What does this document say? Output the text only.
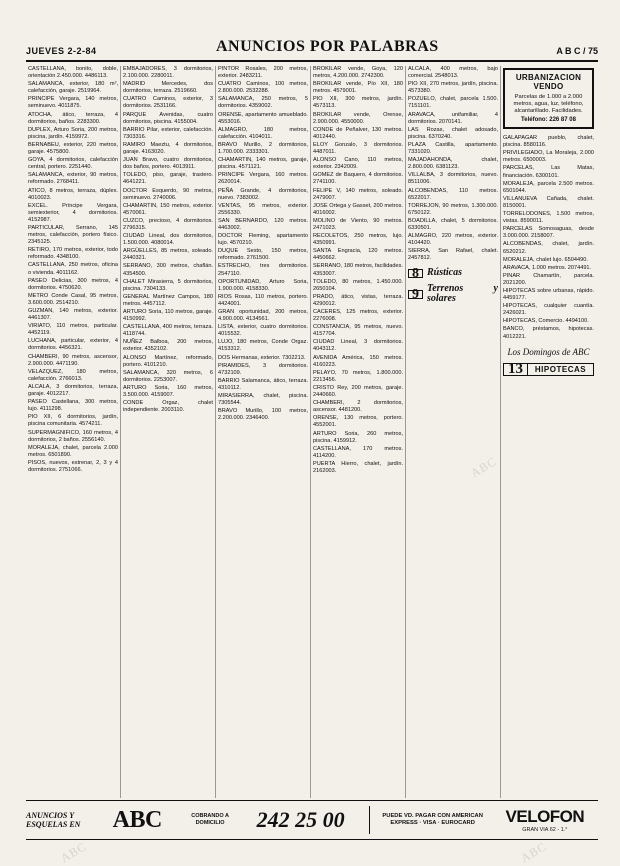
JUEVES 2-2-84	ANUNCIOS POR PALABRAS	A B C / 75
CASTELLANA, bonito, doble, orientación 2.450.000. 4486113.
SALAMANCA, exterior, 180 m², calefacción, garaje. 2519964.
PRINCIPE Vergara, 140 metros, seminuevo. 4011875.
ATOCHA, ático, terraza, 4 dormitorios, baños. 2283300.
DUPLEX, Arturo Soria, 200 metros, piscina, jardín. 4159972.
BERNABEU, exterior, 220 metros, garaje. 4575800.
GOYA, 4 dormitorios, calefacción central, portero. 2251440.
SALAMANCA, exterior, 90 metros, reformado. 2768411.
ATICO, 8 metros, terraza, dúplex. 4010023.
EXCEL. Príncipe Vergara, semiexterior, 4 dormitorios. 4152987.
PARTICULAR, Serrano, 145 metros, calefacción, portero físico. 2345125.
RETIRO, 170 metros, exterior, todo reformado. 4348100.
CASTELLANA, 250 metros, oficina o vivienda. 4011162.
PASEO Delicias, 300 metros, 4 dormitorios. 4750620.
METRO Conde Casal, 95 metros, 3.600.000. 2514210.
GUZMAN, 140 metros, exterior. 4461307.
VIRIATO, 110 metros, particular. 4452119.
LUCHANA, particular, exterior, 4 dormitorios. 4456321.
CHAMBERI, 90 metros, ascensor, 2.900.000. 4471190.
VELAZQUEZ, 180 metros, calefacción. 2766013.
ALCALA, 3 dormitorios, terraza, garaje. 4012217.
PASEO Castellana, 300 metros, lujo. 4111298.
PIO XII, 6 dormitorios, jardín, piscina comunitaria. 4574211.
SUPERMAGNIFICO, 160 metros, 4 dormitorios, 2 baños. 2556140.
MORALEJA, chalet, parcela 2.000 metros. 6501890.
PISOS, nuevos, estrenar, 2, 3 y 4 dormitorios. 2751066.
EMBAJADORES, 3 dormitorios, 2.100.000. 2280011.
MADRID Mercedes, dos dormitorios, terraza. 2519660.
CUATRO Caminos, exterior, 3 dormitorios. 2531166.
PARQUE Avenidas, cuatro dormitorios, piscina. 4155004.
BARRIO Pilar, exterior, calefacción. 7303316.
RAMIRO Maeztu, 4 dormitorios, garaje. 4163020.
JUAN Bravo, cuatro dormitorios, dos baños, portero. 4013911.
TOLEDO, piso, garaje, trastero. 4641221.
DOCTOR Esquerdo, 90 metros, seminuevo. 2740006.
CHAMARTIN, 150 metros, exterior. 4570061.
CUZCO, precioso, 4 dormitorios. 2796315.
CIUDAD Lineal, dos dormitorios, 1.500.000. 4080014.
ARGÜELLES, 85 metros, soleado. 2440321.
SERRANO, 300 metros, chaflán. 4354500.
CHALET Mirasierra, 5 dormitorios, piscina. 7304133.
GENERAL Martínez Campos, 180 metros. 4457112.
ARTURO Soria, 110 metros, garaje. 4150992.
CASTELLANA, 400 metros, terraza. 4118744.
NUÑEZ Balboa, 200 metros, exterior. 4352102.
ALONSO Martínez, reformado, portero. 4101210.
SALAMANCA, 320 metros, 6 dormitorios. 2253007.
ARTURO Soria, 160 metros, 3.500.000. 4159007.
CONDE Orgaz, chalet independiente. 2003110.
PINTOR Rosales, 200 metros, exterior. 2483211.
CUATRO Caminos, 100 metros, 2.800.000. 2532288.
SALAMANCA, 250 metros, 5 dormitorios. 4359002.
ORENSE, apartamento amueblado. 4553016.
ALMAGRO, 180 metros, calefacción. 4104011.
BRAVO Murillo, 2 dormitorios, 1.700.000. 2333301.
CHAMARTIN, 140 metros, garaje, piscina. 4571121.
PRINCIPE Vergara, 160 metros. 2620014.
PEÑA Grande, 4 dormitorios, nuevo. 7383002.
VENTAS, 95 metros, exterior. 2556330.
SAN BERNARDO, 120 metros. 4463002.
DOCTOR Fleming, apartamento lujo. 4570210.
DUQUE Sesto, 150 metros, reformado. 2761500.
ESTRECHO, tres dormitorios. 2547110.
OPORTUNIDAD, Arturo Soria, 1.900.000. 4158330.
RIOS Rosas, 110 metros, portero. 4424001.
GRAN oportunidad, 200 metros, 4.900.000. 4134561.
LISTA, exterior, cuatro dormitorios. 4015532.
LUJO, 180 metros, Conde Orgaz. 4153312.
DOS Hermanas, exterior. 7302213.
PIRAMIDES, 3 dormitorios. 4732109.
BARRIO Salamanca, ático, terraza. 4310112.
MIRASIERRA, chalet, piscina. 7305544.
BRAVO Murillo, 100 metros, 2.200.000. 2346400.
BROKILAR vende, Goya, 120 metros, 4.200.000. 2742300.
BROKILAR vende, Pío XII, 180 metros. 4579001.
PIO XII, 300 metros, jardín. 4573113.
BROKILAR vende, Orense, 2.900.000. 4550000.
CONDE de Peñalver, 130 metros. 4012440.
ELOY Gonzalo, 3 dormitorios. 4487011.
ALONSO Cano, 110 metros, exterior. 2342009.
GOMEZ de Baquero, 4 dormitorios. 2741100.
FELIPE V, 140 metros, soleado. 2479007.
JOSE Ortega y Gasset, 200 metros. 4016002.
MOLINO de Viento, 90 metros. 2471023.
RECOLETOS, 250 metros, lujo. 4350991.
SANTA Engracia, 120 metros. 4450662.
SERRANO, 180 metros, facilidades. 4353007.
TOLEDO, 80 metros, 1.450.000. 2650104.
PRADO, ático, vistas, terraza. 4290012.
CACERES, 125 metros, exterior. 2276008.
CONSTANCIA, 95 metros, nuevo. 4157704.
CIUDAD Lineal, 3 dormitorios. 4043112.
AVENIDA América, 150 metros. 4160223.
PELAYO, 70 metros, 1.800.000. 2213456.
CRISTO Rey, 200 metros, garaje. 2440660.
CHAMBERI, 2 dormitorios, ascensor. 4481200.
ORENSE, 130 metros, portero. 4552001.
ARTURO Soria, 260 metros, piscina. 4159912.
CASTELLANA, 170 metros. 4114200.
PUERTA Hierro, chalet, jardín. 2162003.
ALCALA, 400 metros, bajo comercial. 2548013.
PIO XII, 270 metros, jardín, piscina. 4573380.
POZUELO, chalet, parcela 1.500. 7151101.
ARAVACA, unifamiliar, 4 dormitorios. 2070141.
LAS Rozas, chalet adosado, piscina. 6370240.
PLAZA Castilla, apartamento. 7331020.
MAJADAHONDA, chalet, 2.800.000. 6381123.
VILLALBA, 3 dormitorios, nuevo. 8511006.
ALCOBENDAS, 110 metros. 6522017.
TORREJON, 90 metros, 1.300.000. 6750122.
BOADILLA, chalet, 5 dormitorios. 6330501.
ALMAGRO, 220 metros, exterior. 4104420.
SIERRA, San Rafael, chalet. 2457812.
8 Rústicas
9 Terrenos y solares
URBANIZACION VENDO
Parcelas de 1.000 a 2.000 metros, agua, luz, teléfono, alcantarillado. Facilidades.
Teléfono: 226 87 08
GALAPAGAR pueblo, chalet, piscina. 8580116.
PRIVILEGIADO, La Moraleja, 2.000 metros. 6500003.
PARCELAS, Las Matas, financiación. 6300101.
MORALEJA, parcela 2.500 metros. 6501044.
VILLANUEVA Cañada, chalet. 8150001.
TORRELODONES, 1.500 metros, vistas. 8590011.
PARCELAS Somosaguas, desde 3.000.000. 2158007.
ALCOBENDAS, chalet, jardín. 6520212.
MORALEJA, chalet lujo. 6504490.
ARAVACA, 1.000 metros. 2074491.
PINAR Chamartín, parcela. 2021200.
HIPOTECAS sobre urbanas, rápido. 4459177.
HIPOTECAS, cualquier cuantía. 2426021.
HIPOTECAS, Comercio. 4494100.
BANCO, préstamos, hipotecas. 4012221.
Los Domingos de ABC
13	HIPOTECAS
ANUNCIOS Y ESQUELAS EN	ABC	COBRANDO A DOMICILIO	242 25 00	PUEDE VD. PAGAR CON AMERICAN EXPRESS · VISA · EUROCARD	VELOFON
GRAN VIA 62 - 1.°
ABC
ABC	ABC
